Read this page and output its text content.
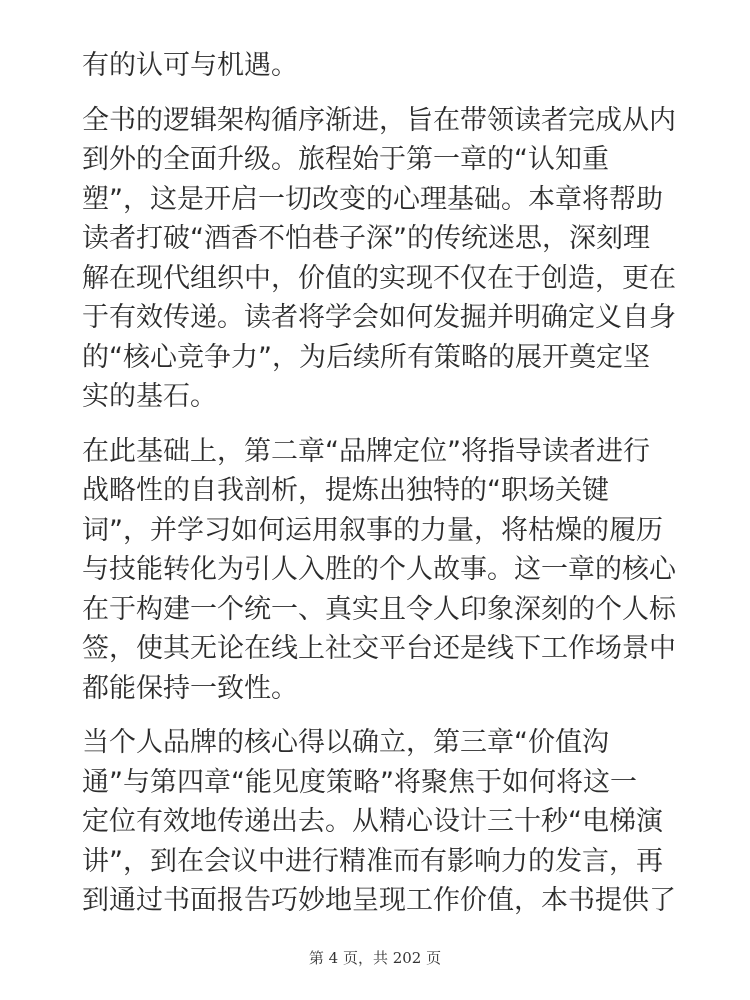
有的认可与机遇。
全书的逻辑架构循序渐进，旨在带领读者完成从内
到外的全面升级。旅程始于第一章的“认知重
塑”，这是开启一切改变的心理基础。本章将帮助
读者打破“酒香不怕巷子深”的传统迷思，深刻理
解在现代组织中，价值的实现不仅在于创造，更在
于有效传递。读者将学会如何发掘并明确定义自身
的“核心竞争力”，为后续所有策略的展开奠定坚
实的基石。
在此基础上，第二章“品牌定位”将指导读者进行
战略性的自我剖析，提炼出独特的“职场关键
词”，并学习如何运用叙事的力量，将枯燥的履历
与技能转化为引人入胜的个人故事。这一章的核心
在于构建一个统一、真实且令人印象深刻的个人标
签，使其无论在线上社交平台还是线下工作场景中
都能保持一致性。
当个人品牌的核心得以确立，第三章“价值沟
通”与第四章“能见度策略”将聚焦于如何将这一
定位有效地传递出去。从精心设计三十秒“电梯演
讲”，到在会议中进行精准而有影响力的发言，再
到通过书面报告巧妙地呈现工作价值，本书提供了
第 4 页，共 202 页
